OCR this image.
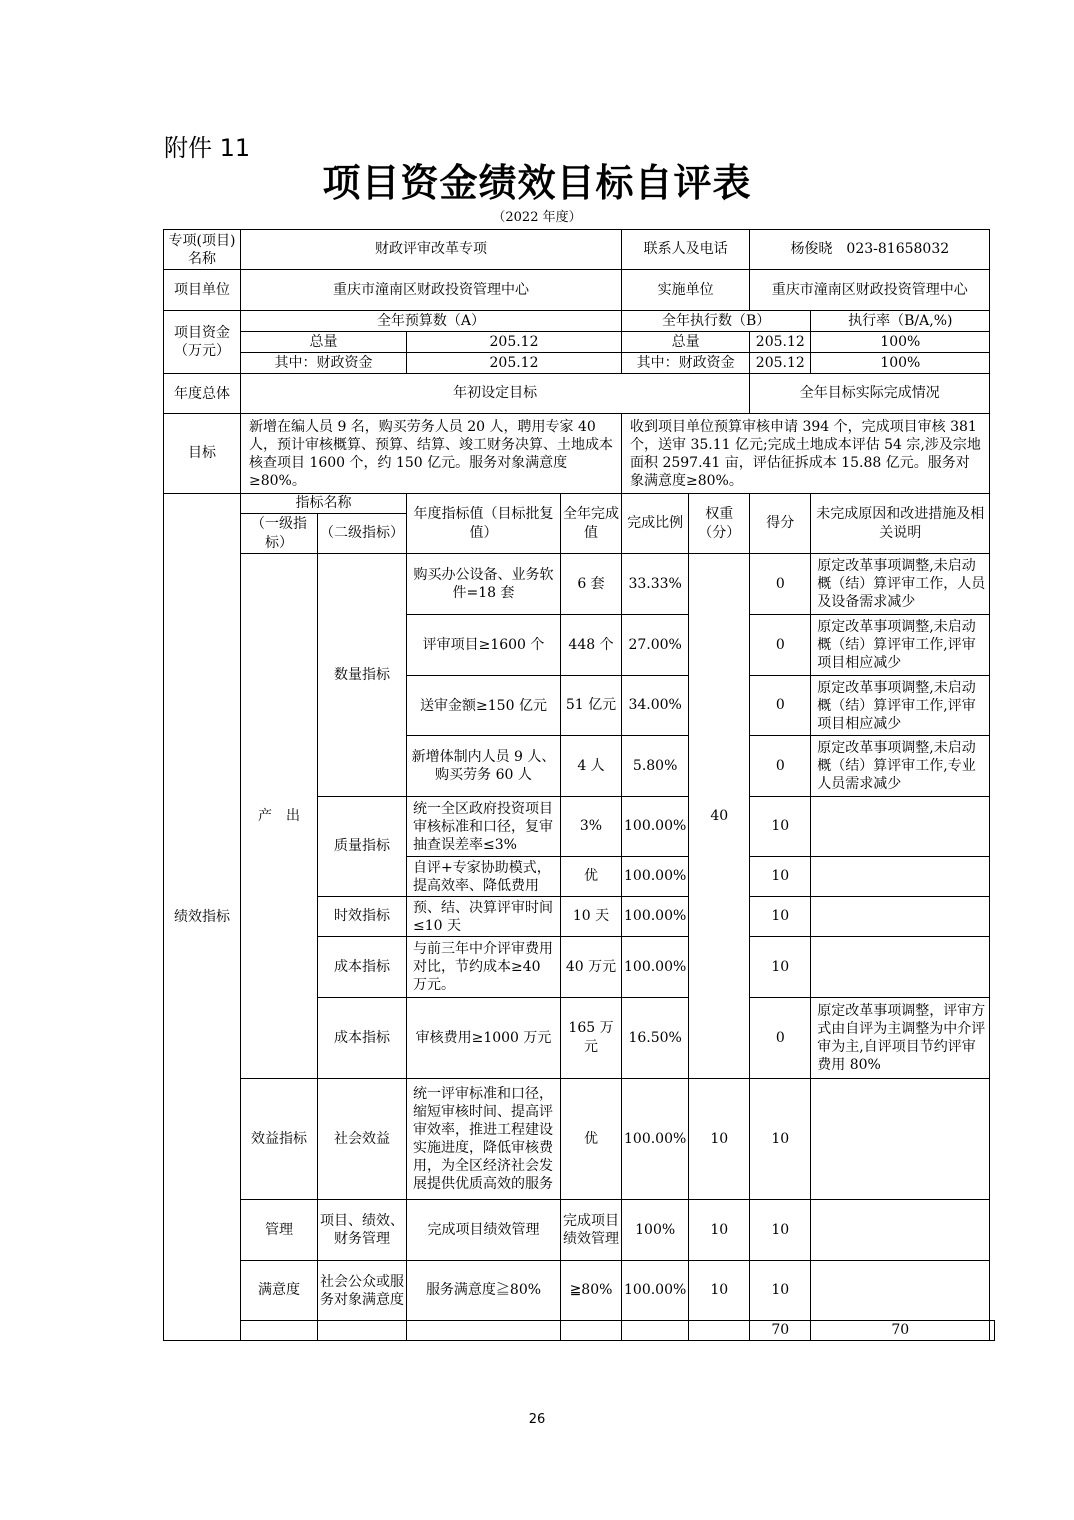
附件 11
项目资金绩效目标自评表
（2022 年度）
专项(项目)名称	财政评审改革专项				联系人及电话		杨俊晓　023-81658032		
项目单位	重庆市潼南区财政投资管理中心				实施单位		重庆市潼南区财政投资管理中心		
项目资金（万元）	全年预算数（A）				全年执行数（B）			执行率（B/A,%)	
	总量		205.12		总量		205.12	100%	
	其中：财政资金		205.12		其中：财政资金		205.12	100%	
年度总体	年初设定目标						全年目标实际完成情况		
目标	新增在编人员 9 名，购买劳务人员 20 人，聘用专家 40 人，预计审核概算、预算、结算、竣工财务决算、土地成本核查项目 1600 个，约 150 亿元。服务对象满意度≥80%。				收到项目单位预算审核申请 394 个，完成项目审核 381 个，送审 35.11 亿元;完成土地成本评估 54 宗,涉及宗地面积 2597.41 亩，评估征拆成本 15.88 亿元。服务对象满意度≥80%。				
绩效指标	指标名称		年度指标值（目标批复值）	全年完成值	完成比例	权重（分）	得分	未完成原因和改进措施及相关说明	
	（一级指标）	（二级指标）							
	产　出	数量指标	购买办公设备、业务软件=18 套	6 套	33.33%	40	0	原定改革事项调整,未启动概（结）算评审工作，人员及设备需求减少	
			评审项目≥1600 个	448 个	27.00%		0	原定改革事项调整,未启动概（结）算评审工作,评审项目相应减少	
			送审金额≥150 亿元	51 亿元	34.00%		0	原定改革事项调整,未启动概（结）算评审工作,评审项目相应减少	
			新增体制内人员 9 人、购买劳务 60 人	4 人	5.80%		0	原定改革事项调整,未启动概（结）算评审工作,专业人员需求减少	
		质量指标	统一全区政府投资项目审核标准和口径，复审抽查误差率≤3%	3%	100.00%		10		
			自评+专家协助模式，提高效率、降低费用	优	100.00%		10		
		时效指标	预、结、决算评审时间≤10 天	10 天	100.00%		10		
		成本指标	与前三年中介评审费用对比，节约成本≥40 万元。	40 万元	100.00%		10		
		成本指标	审核费用≥1000 万元	165 万元	16.50%		0	原定改革事项调整，评审方式由自评为主调整为中介评审为主,自评项目节约评审费用 80%	
	效益指标	社会效益	统一评审标准和口径，缩短审核时间、提高评审效率，推进工程建设实施进度，降低审核费用，为全区经济社会发展提供优质高效的服务	优	100.00%	10	10		
	管理	项目、绩效、财务管理	完成项目绩效管理	完成项目绩效管理	100%	10	10		
	满意度	社会公众或服务对象满意度	服务满意度≧80%	≧80%	100.00%	10	10		
							70	70	
26
